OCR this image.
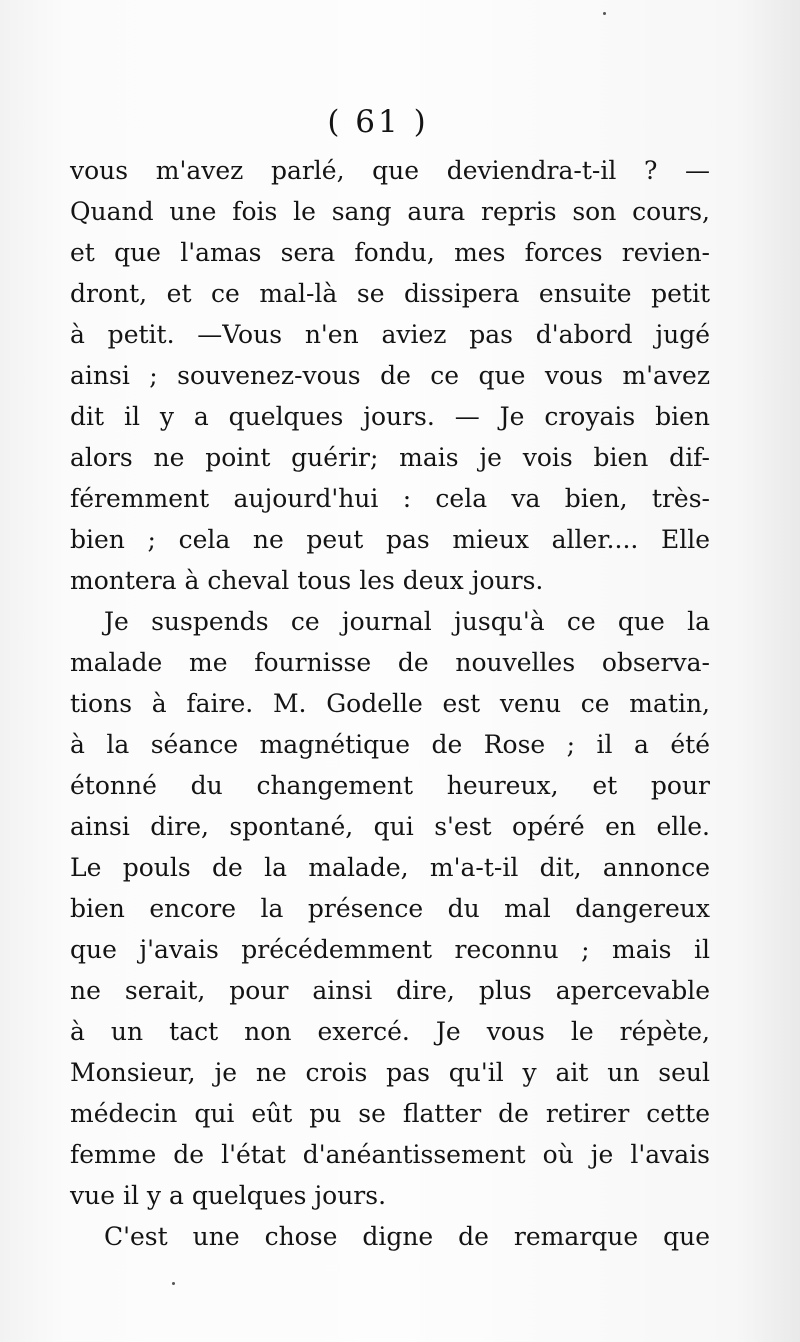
( 61 )
vous m'avez parlé, que deviendra-t-il ? —
Quand une fois le sang aura repris son cours,
et que l'amas sera fondu, mes forces revien-
dront, et ce mal-là se dissipera ensuite petit
à petit. —Vous n'en aviez pas d'abord jugé
ainsi ; souvenez-vous de ce que vous m'avez
dit il y a quelques jours. — Je croyais bien
alors ne point guérir; mais je vois bien dif-
féremment aujourd'hui : cela va bien, très-
bien ; cela ne peut pas mieux aller.... Elle
montera à cheval tous les deux jours.
Je suspends ce journal jusqu'à ce que la
malade me fournisse de nouvelles observa-
tions à faire. M. Godelle est venu ce matin,
à la séance magnétique de Rose ; il a été
étonné du changement heureux, et pour
ainsi dire, spontané, qui s'est opéré en elle.
Le pouls de la malade, m'a-t-il dit, annonce
bien encore la présence du mal dangereux
que j'avais précédemment reconnu ; mais il
ne serait, pour ainsi dire, plus apercevable
à un tact non exercé. Je vous le répète,
Monsieur, je ne crois pas qu'il y ait un seul
médecin qui eût pu se flatter de retirer cette
femme de l'état d'anéantissement où je l'avais
vue il y a quelques jours.
C'est une chose digne de remarque que
